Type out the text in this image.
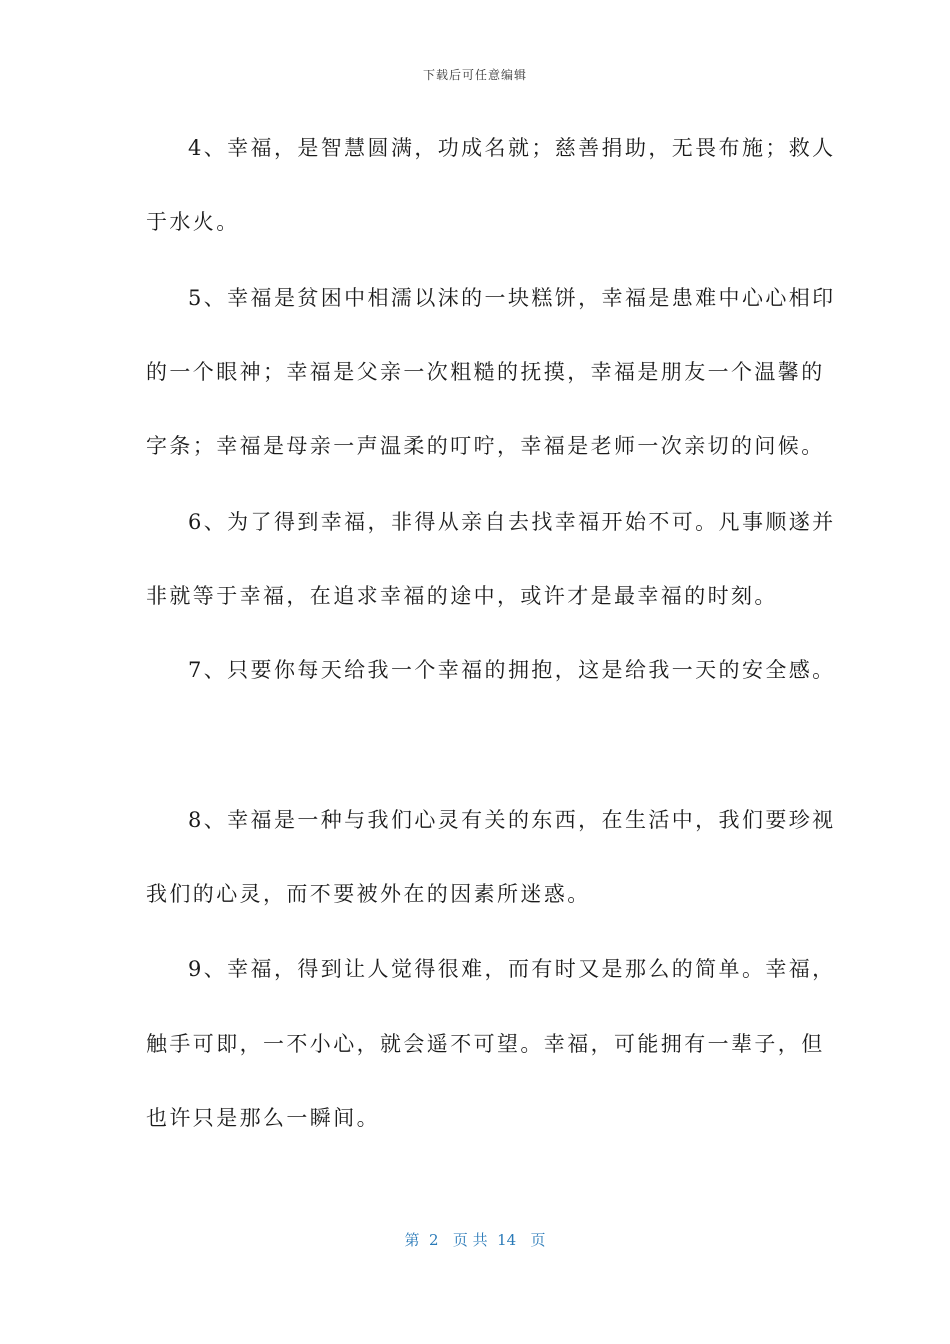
下载后可任意编辑
4、幸福，是智慧圆满，功成名就；慈善捐助，无畏布施；救人
于水火。
5、幸福是贫困中相濡以沫的一块糕饼，幸福是患难中心心相印
的一个眼神；幸福是父亲一次粗糙的抚摸，幸福是朋友一个温馨的
字条；幸福是母亲一声温柔的叮咛，幸福是老师一次亲切的问候。
6、为了得到幸福，非得从亲自去找幸福开始不可。凡事顺遂并
非就等于幸福，在追求幸福的途中，或许才是最幸福的时刻。
7、只要你每天给我一个幸福的拥抱，这是给我一天的安全感。
8、幸福是一种与我们心灵有关的东西，在生活中，我们要珍视
我们的心灵，而不要被外在的因素所迷惑。
9、幸福，得到让人觉得很难，而有时又是那么的简单。幸福，
触手可即，一不小心，就会遥不可望。幸福，可能拥有一辈子，但
也许只是那么一瞬间。
第  2   页 共  14   页
